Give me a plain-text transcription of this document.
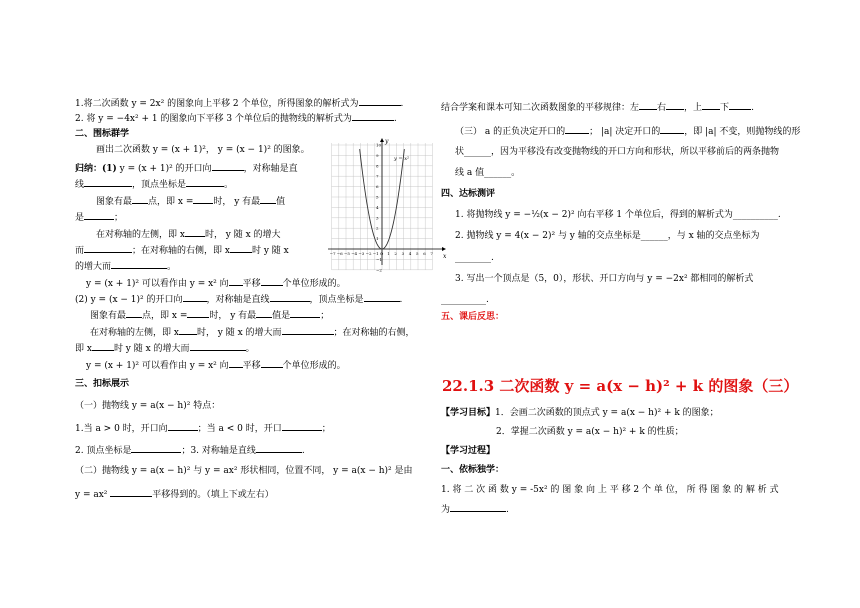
1.将二次函数 y = 2x² 的图象向上平移 2 个单位，所得图象的解析式为	.
2. 将 y = −4x² + 1 的图象向下平移 3 个单位后的抛物线的解析式为	.
二、围标群学
画出二次函数 y = (x + 1)²， y = (x − 1)² 的图象。
归纳：(1) y = (x + 1)² 的开口向	，对称轴是直
线	，顶点坐标是	。
图象有最 点，即 x = 时， y 有最 值
是	；
在对称轴的左侧，即 x 时， y 随 x 的增大
而	；在对称轴的右侧，即 x 时 y 随 x
的增大而	。
y = (x + 1)² 可以看作由 y = x² 向 平移 个单位形成的。
(2) y = (x − 1)² 的开口向	，对称轴是直线	，顶点坐标是	.
图象有最 点，即 x = 时， y 有最 值是	；
在对称轴的左侧，即 x 时， y 随 x 的增大而	；在对称轴的右侧，
即 x 时 y 随 x 的增大而	。
y = (x + 1)² 可以看作由 y = x² 向 平移 个单位形成的。
三、扣标展示
（一）抛物线 y = a(x − h)² 特点：
1.当 a > 0 时，开口向	；当 a < 0 时，开口	；
2. 顶点坐标是	；3. 对称轴是直线	.
（二）抛物线 y = a(x − h)² 与 y = ax² 形状相同，位置不同， y = a(x − h)² 是由
y = ax²	平移得到的。（填上下或左右）
−7 −6 −5 −4 −3 −2 −1 O 1 2 3 4 5 6 7
10
9
8
7
6
5
4
3
2
1
−1
−2
y
x
y = x²
结合学案和课本可知二次函数图象的平移规律：左 右 ，上 下 .
（三） a 的正负决定开口的	； |a| 决定开口的	，即 |a| 不变，则抛物线的形
状______，因为平移没有改变抛物线的开口方向和形状，所以平移前后的两条抛物
线 a 值______。
四、达标测评
1. 将抛物线 y = −½(x − 2)² 向右平移 1 个单位后，得到的解析式为__________.
2. 抛物线 y = 4(x − 2)² 与 y 轴的交点坐标是______，与 x 轴的交点坐标为
________.
3. 写出一个顶点是（5，0），形状、开口方向与 y = −2x² 都相同的解析式
__________.
五、课后反思：
22.1.3 二次函数 y = a(x − h)² + k 的图象（三）
【学习目标】1．会画二次函数的顶点式 y = a(x − h)² + k 的图象；
2．掌握二次函数 y = a(x − h)² + k 的性质；
【学习过程】
一、依标独学：
1. 将 二 次 函 数 y = -5x² 的 图 象 向 上 平 移 2 个 单 位， 所 得 图 象 的 解 析 式
为	.
